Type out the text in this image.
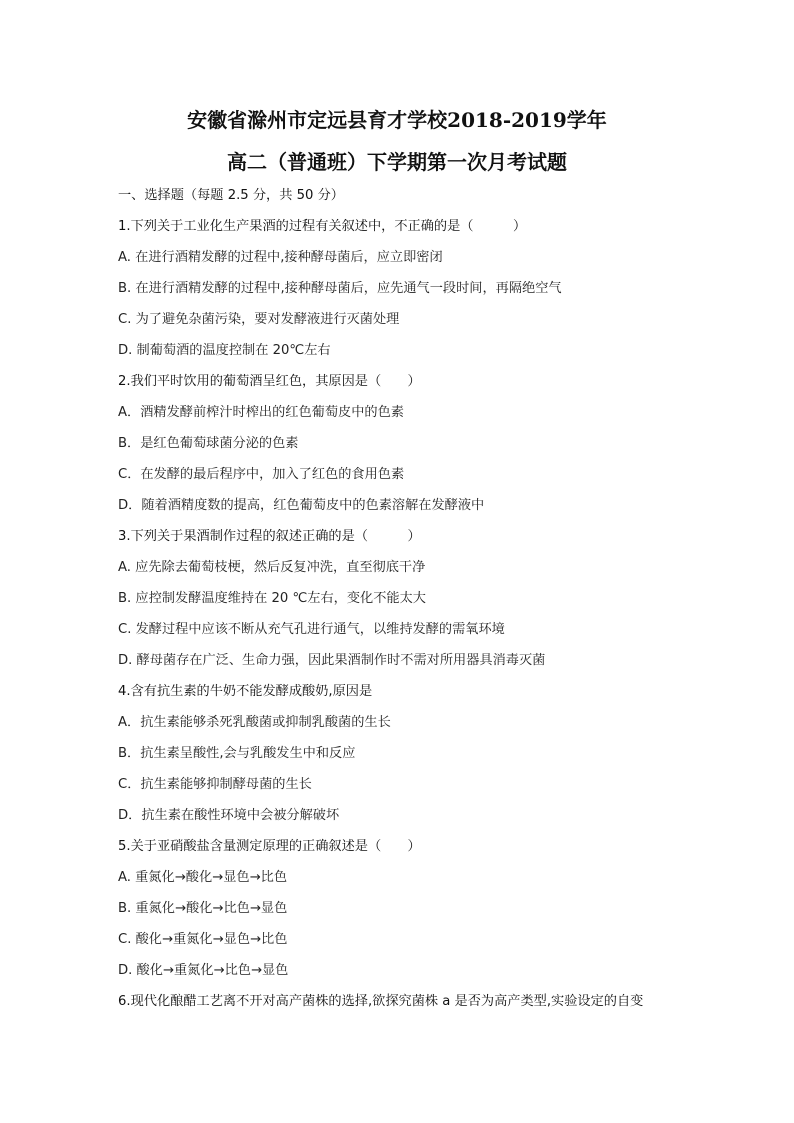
安徽省滁州市定远县育才学校2018-2019学年
高二（普通班）下学期第一次月考试题
一、选择题（每题 2.5 分，共 50 分）
1.下列关于工业化生产果酒的过程有关叙述中，不正确的是（　　　）
A. 在进行酒精发酵的过程中,接种酵母菌后，应立即密闭
B. 在进行酒精发酵的过程中,接种酵母菌后，应先通气一段时间，再隔绝空气
C. 为了避免杂菌污染，要对发酵液进行灭菌处理
D. 制葡萄酒的温度控制在 20℃左右
2.我们平时饮用的葡萄酒呈红色，其原因是（　　）
A．酒精发酵前榨汁时榨出的红色葡萄皮中的色素
B．是红色葡萄球菌分泌的色素
C．在发酵的最后程序中，加入了红色的食用色素
D．随着酒精度数的提高，红色葡萄皮中的色素溶解在发酵液中
3.下列关于果酒制作过程的叙述正确的是（　　　）
A. 应先除去葡萄枝梗，然后反复冲洗，直至彻底干净
B. 应控制发酵温度维持在 20 ℃左右，变化不能太大
C. 发酵过程中应该不断从充气孔进行通气，以维持发酵的需氧环境
D. 酵母菌存在广泛、生命力强，因此果酒制作时不需对所用器具消毒灭菌
4.含有抗生素的牛奶不能发酵成酸奶,原因是
A．抗生素能够杀死乳酸菌或抑制乳酸菌的生长
B．抗生素呈酸性,会与乳酸发生中和反应
C．抗生素能够抑制酵母菌的生长
D．抗生素在酸性环境中会被分解破坏
5.关于亚硝酸盐含量测定原理的正确叙述是（　　）
A. 重氮化→酸化→显色→比色
B. 重氮化→酸化→比色→显色
C. 酸化→重氮化→显色→比色
D. 酸化→重氮化→比色→显色
6.现代化酿醋工艺离不开对高产菌株的选择,欲探究菌株 a 是否为高产类型,实验设定的自变
